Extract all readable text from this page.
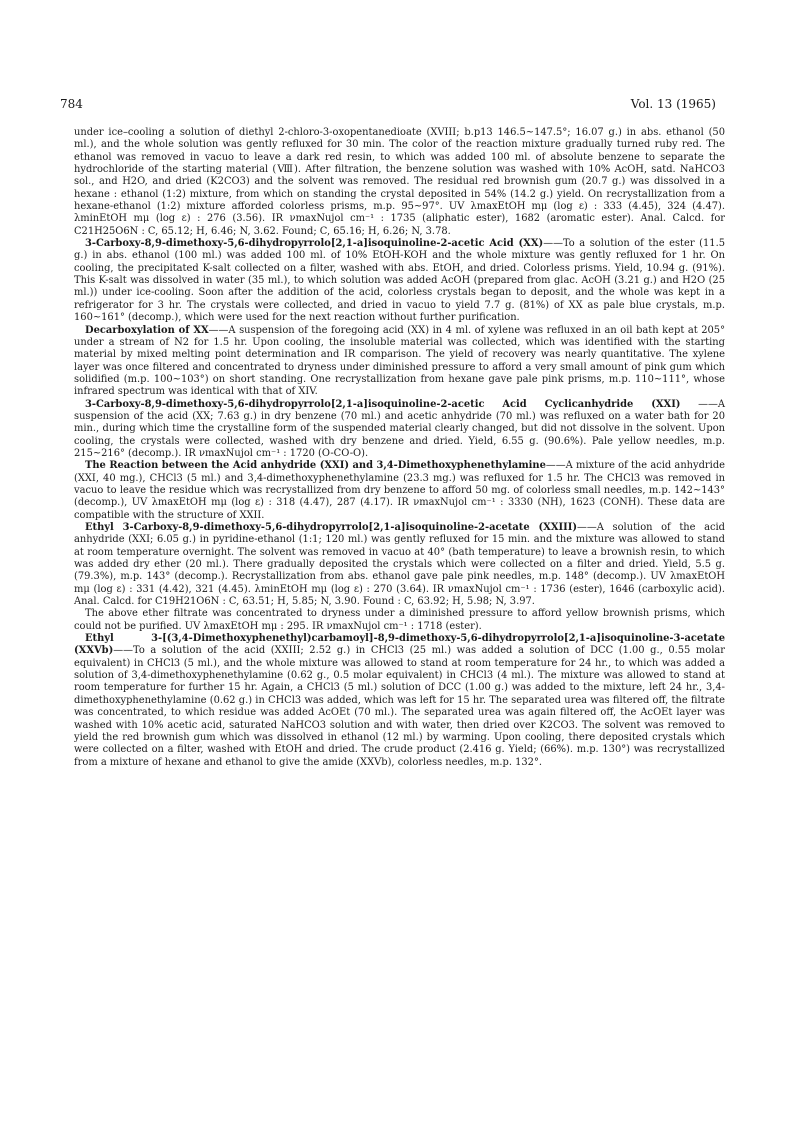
784	Vol. 13 (1965)

under ice–cooling a solution of diethyl 2-chloro-3-oxopentanedioate (XVIII; b.p13 146.5~147.5°; 16.07 g.) in abs. ethanol (50 ml.), and the whole solution was gently refluxed for 30 min. The color of the reaction mixture gradually turned ruby red. The ethanol was removed in vacuo to leave a dark red resin, to which was added 100 ml. of absolute benzene to separate the hydrochloride of the starting material (Ⅷ). After filtration, the benzene solution was washed with 10% AcOH, satd. NaHCO3 sol., and H2O, and dried (K2CO3) and the solvent was removed. The residual red brownish gum (20.7 g.) was dissolved in a hexane : ethanol (1:2) mixture, from which on standing the crystal deposited in 54% (14.2 g.) yield. On recrystallization from a hexane-ethanol (1:2) mixture afforded colorless prisms, m.p. 95~97°. UV λmaxEtOH mμ (log ε) : 333 (4.45), 324 (4.47). λminEtOH mμ (log ε) : 276 (3.56). IR νmaxNujol cm⁻¹ : 1735 (aliphatic ester), 1682 (aromatic ester). Anal. Calcd. for C21H25O6N : C, 65.12; H, 6.46; N, 3.62. Found; C, 65.16; H, 6.26; N, 3.78.

3-Carboxy-8,9-dimethoxy-5,6-dihydropyrrolo[2,1-a]isoquinoline-2-acetic Acid (XX)——To a solution of the ester (11.5 g.) in abs. ethanol (100 ml.) was added 100 ml. of 10% EtOH-KOH and the whole mixture was gently refluxed for 1 hr. On cooling, the precipitated K-salt collected on a filter, washed with abs. EtOH, and dried. Colorless prisms. Yield, 10.94 g. (91%). This K-salt was dissolved in water (35 ml.), to which solution was added AcOH (prepared from glac. AcOH (3.21 g.) and H2O (25 ml.)) under ice-cooling. Soon after the addition of the acid, colorless crystals began to deposit, and the whole was kept in a refrigerator for 3 hr. The crystals were collected, and dried in vacuo to yield 7.7 g. (81%) of XX as pale blue crystals, m.p. 160~161° (decomp.), which were used for the next reaction without further purification.

Decarboxylation of XX——A suspension of the foregoing acid (XX) in 4 ml. of xylene was refluxed in an oil bath kept at 205° under a stream of N2 for 1.5 hr. Upon cooling, the insoluble material was collected, which was identified with the starting material by mixed melting point determination and IR comparison. The yield of recovery was nearly quantitative. The xylene layer was once filtered and concentrated to dryness under diminished pressure to afford a very small amount of pink gum which solidified (m.p. 100~103°) on short standing. One recrystallization from hexane gave pale pink prisms, m.p. 110~111°, whose infrared spectrum was identical with that of XIV.

3-Carboxy-8,9-dimethoxy-5,6-dihydropyrrolo[2,1-a]isoquinoline-2-acetic Acid Cyclicanhydride (XXI) ——A suspension of the acid (XX; 7.63 g.) in dry benzene (70 ml.) and acetic anhydride (70 ml.) was refluxed on a water bath for 20 min., during which time the crystalline form of the suspended material clearly changed, but did not dissolve in the solvent. Upon cooling, the crystals were collected, washed with dry benzene and dried. Yield, 6.55 g. (90.6%). Pale yellow needles, m.p. 215~216° (decomp.). IR νmaxNujol cm⁻¹ : 1720 (O-CO-O).

The Reaction between the Acid anhydride (XXI) and 3,4-Dimethoxyphenethylamine——A mixture of the acid anhydride (XXI, 40 mg.), CHCl3 (5 ml.) and 3,4-dimethoxyphenethylamine (23.3 mg.) was refluxed for 1.5 hr. The CHCl3 was removed in vacuo to leave the residue which was recrystallized from dry benzene to afford 50 mg. of colorless small needles, m.p. 142~143° (decomp.), UV λmaxEtOH mμ (log ε) : 318 (4.47), 287 (4.17). IR νmaxNujol cm⁻¹ : 3330 (NH), 1623 (CONH). These data are compatible with the structure of XXII.

Ethyl 3-Carboxy-8,9-dimethoxy-5,6-dihydropyrrolo[2,1-a]isoquinoline-2-acetate (XXIII)——A solution of the acid anhydride (XXI; 6.05 g.) in pyridine-ethanol (1:1; 120 ml.) was gently refluxed for 15 min. and the mixture was allowed to stand at room temperature overnight. The solvent was removed in vacuo at 40° (bath temperature) to leave a brownish resin, to which was added dry ether (20 ml.). There gradually deposited the crystals which were collected on a filter and dried. Yield, 5.5 g. (79.3%), m.p. 143° (decomp.). Recrystallization from abs. ethanol gave pale pink needles, m.p. 148° (decomp.). UV λmaxEtOH mμ (log ε) : 331 (4.42), 321 (4.45). λminEtOH mμ (log ε) : 270 (3.64). IR νmaxNujol cm⁻¹ : 1736 (ester), 1646 (carboxylic acid). Anal. Calcd. for C19H21O6N : C, 63.51; H, 5.85; N, 3.90. Found : C, 63.92; H, 5.98; N, 3.97.

The above ether filtrate was concentrated to dryness under a diminished pressure to afford yellow brownish prisms, which could not be purified. UV λmaxEtOH mμ : 295. IR νmaxNujol cm⁻¹ : 1718 (ester).

Ethyl 3-[(3,4-Dimethoxyphenethyl)carbamoyl]-8,9-dimethoxy-5,6-dihydropyrrolo[2,1-a]isoquinoline-3-acetate (XXVb)——To a solution of the acid (XXIII; 2.52 g.) in CHCl3 (25 ml.) was added a solution of DCC (1.00 g., 0.55 molar equivalent) in CHCl3 (5 ml.), and the whole mixture was allowed to stand at room temperature for 24 hr., to which was added a solution of 3,4-dimethoxyphenethylamine (0.62 g., 0.5 molar equivalent) in CHCl3 (4 ml.). The mixture was allowed to stand at room temperature for further 15 hr. Again, a CHCl3 (5 ml.) solution of DCC (1.00 g.) was added to the mixture, left 24 hr., 3,4-dimethoxyphenethylamine (0.62 g.) in CHCl3 was added, which was left for 15 hr. The separated urea was filtered off, the filtrate was concentrated, to which residue was added AcOEt (70 ml.). The separated urea was again filtered off, the AcOEt layer was washed with 10% acetic acid, saturated NaHCO3 solution and with water, then dried over K2CO3. The solvent was removed to yield the red brownish gum which was dissolved in ethanol (12 ml.) by warming. Upon cooling, there deposited crystals which were collected on a filter, washed with EtOH and dried. The crude product (2.416 g. Yield; (66%). m.p. 130°) was recrystallized from a mixture of hexane and ethanol to give the amide (XXVb), colorless needles, m.p. 132°.
